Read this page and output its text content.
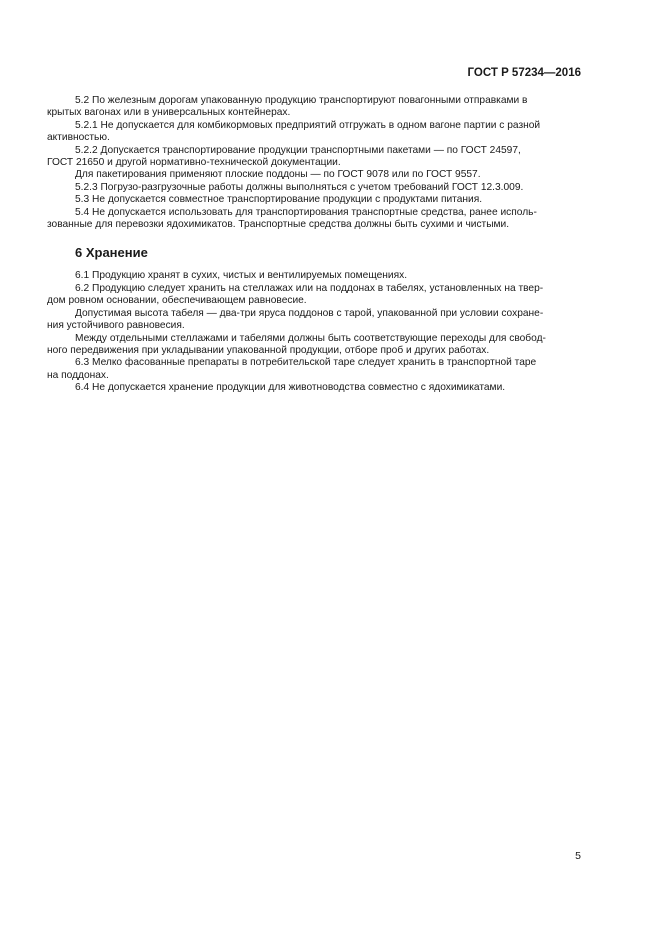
ГОСТ Р 57234—2016

5.2 По железным дорогам упакованную продукцию транспортируют повагонными отправками в

крытых вагонах или в универсальных контейнерах.

5.2.1 Не допускается для комбикормовых предприятий отгружать в одном вагоне партии с разной

активностью.

5.2.2 Допускается транспортирование продукции транспортными пакетами — по ГОСТ 24597,

ГОСТ 21650 и другой нормативно-технической документации.

Для пакетирования применяют плоские поддоны — по ГОСТ 9078 или по ГОСТ 9557.

5.2.3 Погрузо-разгрузочные работы должны выполняться с учетом требований ГОСТ 12.3.009.

5.3 Не допускается совместное транспортирование продукции с продуктами питания.

5.4 Не допускается использовать для транспортирования транспортные средства, ранее исполь-

зованные для перевозки ядохимикатов. Транспортные средства должны быть сухими и чистыми.

6 Хранение

6.1 Продукцию хранят в сухих, чистых и вентилируемых помещениях.

6.2 Продукцию следует хранить на стеллажах или на поддонах в табелях, установленных на твер-

дом ровном основании, обеспечивающем равновесие.

Допустимая высота табеля — два-три яруса поддонов с тарой, упакованной при условии сохране-

ния устойчивого равновесия.

Между отдельными стеллажами и табелями должны быть соответствующие переходы для свобод-

ного передвижения при укладывании упакованной продукции, отборе проб и других работах.

6.3 Мелко фасованные препараты в потребительской таре следует хранить в транспортной таре

на поддонах.

6.4 Не допускается хранение продукции для животноводства совместно с ядохимикатами.

5
